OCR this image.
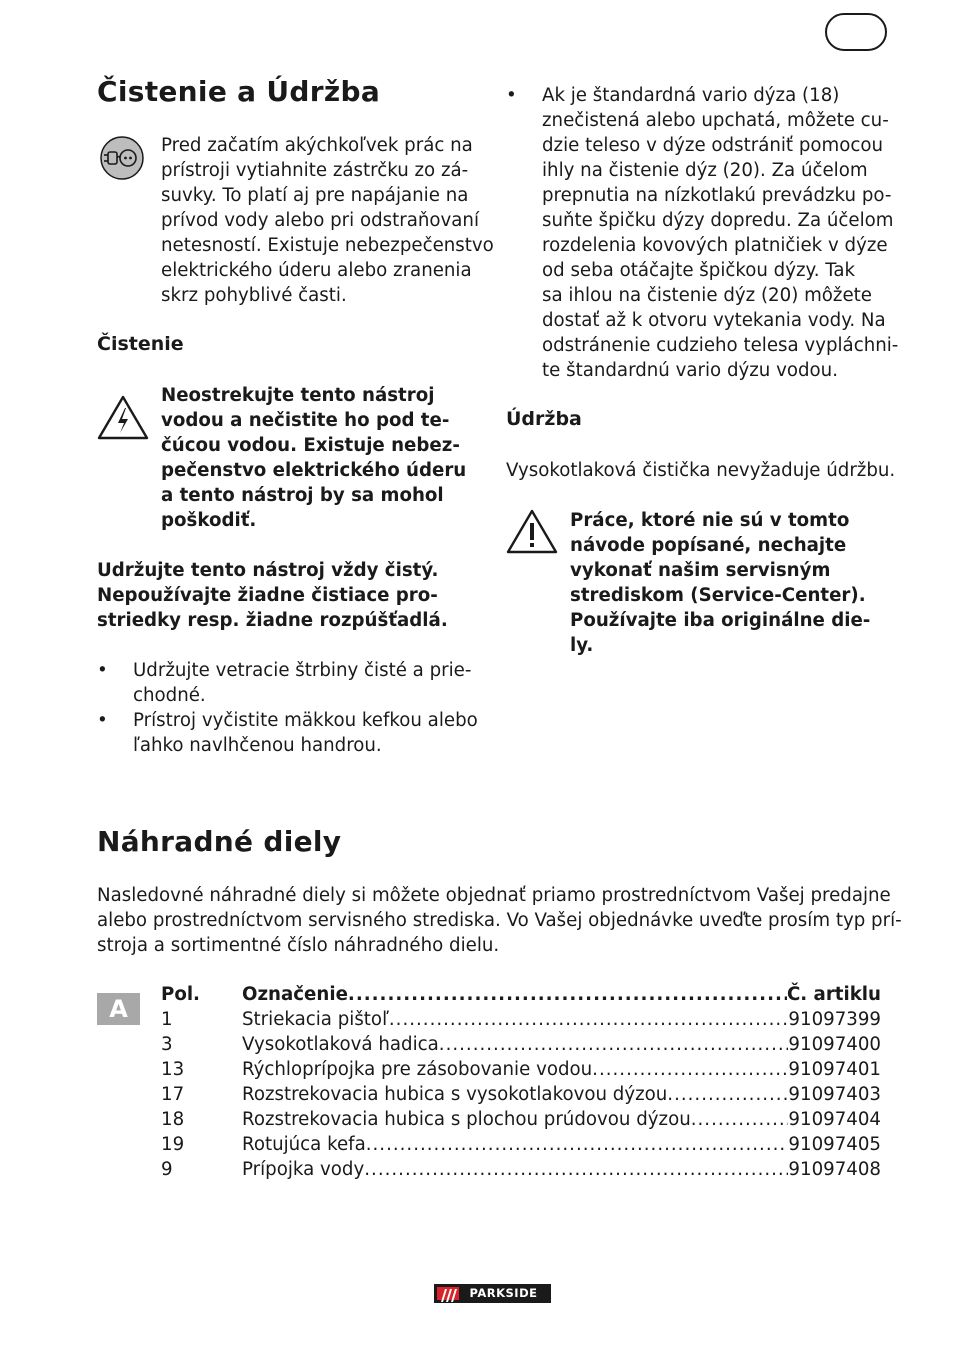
Čistenie a Údržba
Pred začatím akýchkoľvek prác na
prístroji vytiahnite zástrčku zo zá-
suvky. To platí aj pre napájanie na
prívod vody alebo pri odstraňovaní
netesností. Existuje nebezpečenstvo
elektrického úderu alebo zranenia
skrz pohyblivé časti.
Čistenie
Neostrekujte tento nástroj
vodou a nečistite ho pod te-
čúcou vodou. Existuje nebez-
pečenstvo elektrického úderu
a tento nástroj by sa mohol
poškodiť.
Udržujte tento nástroj vždy čistý.
Nepoužívajte žiadne čistiace pro-
striedky resp. žiadne rozpúšťadlá.
• Udržujte vetracie štrbiny čisté a prie-
chodné.
• Prístroj vyčistite mäkkou kefkou alebo
ľahko navlhčenou handrou.
• Ak je štandardná vario dýza (18)
znečistená alebo upchatá, môžete cu-
dzie teleso v dýze odstrániť pomocou
ihly na čistenie dýz (20). Za účelom
prepnutia na nízkotlakú prevádzku po-
suňte špičku dýzy dopredu. Za účelom
rozdelenia kovových platničiek v dýze
od seba otáčajte špičkou dýzy. Tak
sa ihlou na čistenie dýz (20) môžete
dostať až k otvoru vytekania vody. Na
odstránenie cudzieho telesa vypláchni-
te štandardnú vario dýzu vodou.
Údržba

Vysokotlaková čistička nevyžaduje údržbu.

Práce, ktoré nie sú v tomto
návode popísané, nechajte
vykonať našim servisným
strediskom (Service-Center).
Používajte iba originálne die-
ly.
Náhradné diely
Nasledovné náhradné diely si môžete objednať priamo prostredníctvom Vašej predajne
alebo prostredníctvom servisného strediska. Vo Vašej objednávke uveďte prosím typ prí-
stroja a sortimentné číslo náhradného dielu.
A
Pol.	Označenie .....	Č. artiklu
1	Striekacia pištoľ .....	91097399
3	Vysokotlaková hadica .....	91097400
13	Rýchloprípojka pre zásobovanie vodou .....	91097401
17	Rozstrekovacia hubica s vysokotlakovou dýzou .....	91097403
18	Rozstrekovacia hubica s plochou prúdovou dýzou .....	91097404
19	Rotujúca kefa .....	91097405
9	Prípojka vody .....	91097408
PARKSIDE
